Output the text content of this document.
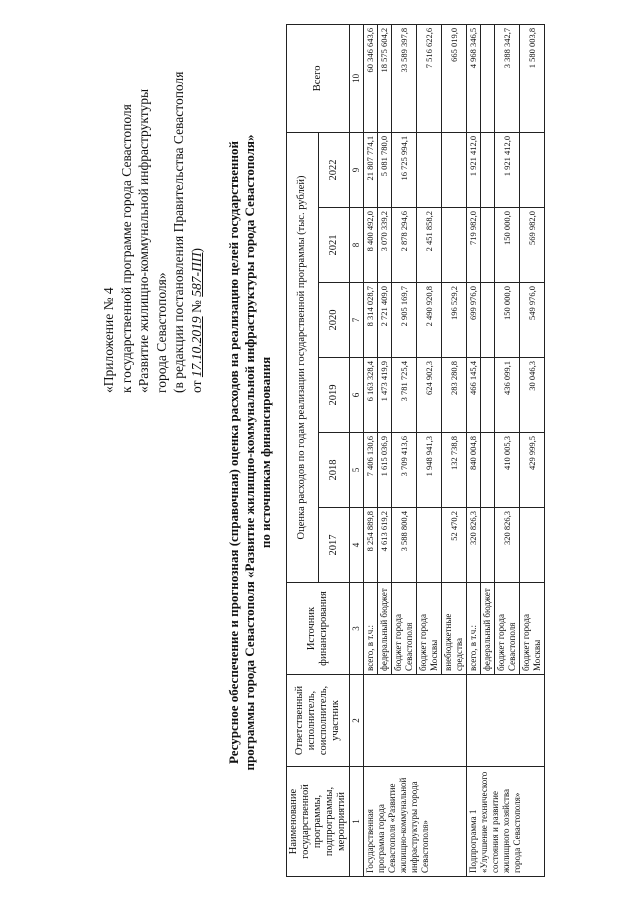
«Приложение № 4 к государственной программе города Севастополя «Развитие жилищно-коммунальной инфраструктуры города Севастополя» (в редакции постановления Правительства Севастополя от 17.10.2019 № 587-ПП) Ресурсное обеспечение и прогнозная (справочная) оценка расходов на реализацию целей государственной программы города Севастополя «Развитие жилищно-коммунальной инфраструктуры города Севастополя» по источникам финансирования
Наименование государственной программы, подпрограммы, мероприятий	Ответственный исполнитель, соисполнитель, участник	Источник финансирования	Оценка расходов по годам реализации государственной программы (тыс. рублей)						Всего
			2017	2018	2019	2020	2021	2022	
1	2	3	4	5	6	7	8	9	10
Государственная программа города Севастополя «Развитие жилищно-коммунальной инфраструктуры города Севастополя»		всего, в т.ч.:	8 254 889,8	7 406 130,6	6 163 328,4	8 314 028,7	8 400 492,0	21 807 774,1	60 346 643,6
		федеральный бюджет	4 613 619,2	1 615 036,9	1 473 419,9	2 721 409,0	3 070 339,2	5 081 780,0	18 575 604,2
		бюджет города Севастополя	3 588 800,4	3 709 413,6	3 781 725,4	2 905 169,7	2 878 294,6	16 725 994,1	33 589 397,8
		бюджет города Москвы		1 948 941,3	624 902,3	2 490 920,8	2 451 858,2		7 516 622,6
		внебюджетные средства	52 470,2	132 738,8	283 280,8	196 529,2			665 019,0
Подпрограмма 1 «Улучшение технического состояния и развитие жилищного хозяйства города Севастополя»		всего, в т.ч.:	320 826,3	840 004,8	466 145,4	699 976,0	719 982,0	1 921 412,0	4 968 346,5
		федеральный бюджет							
		бюджет города Севастополя	320 826,3	410 005,3	436 099,1	150 000,0	150 000,0	1 921 412,0	3 388 342,7
		бюджет города Москвы		429 999,5	30 046,3	549 976,0	569 982,0		1 580 003,8
